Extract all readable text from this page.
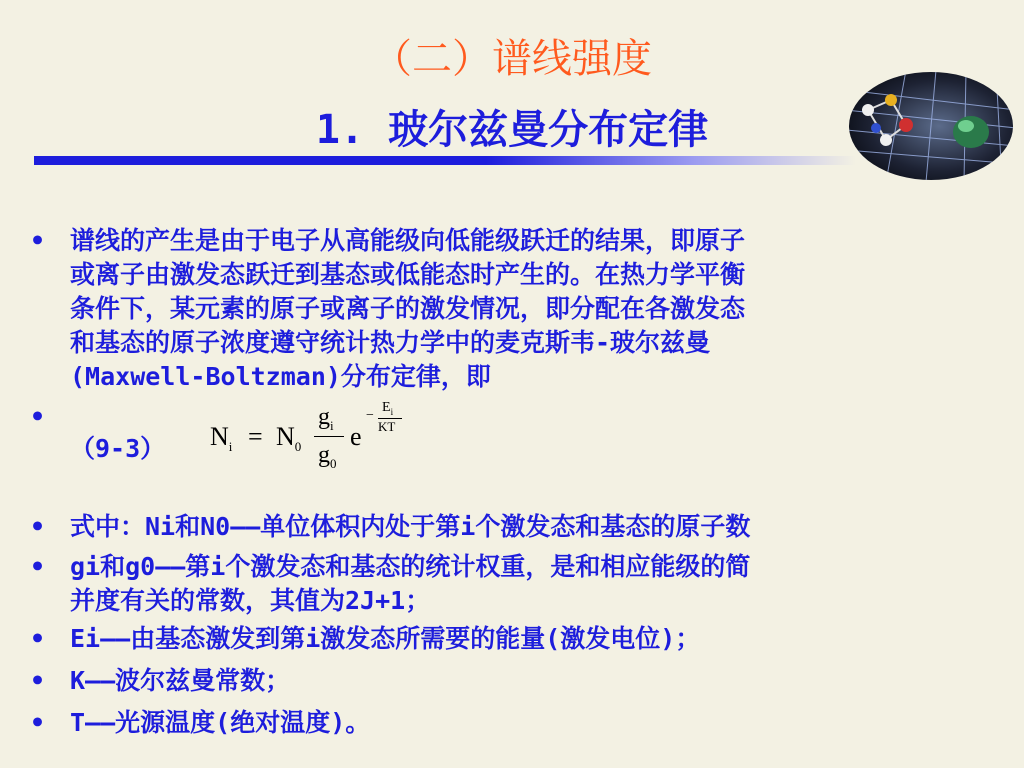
（二）谱线强度
1. 玻尔兹曼分布定律
• 谱线的产生是由于电子从高能级向低能级跃迁的结果，即原子
或离子由激发态跃迁到基态或低能态时产生的。在热力学平衡
条件下，某元素的原子或离子的激发情况，即分配在各激发态
和基态的原子浓度遵守统计热力学中的麦克斯韦-玻尔兹曼
(Maxwell-Boltzman)分布定律，即
•
• 式中：Ni和N0——单位体积内处于第i个激发态和基态的原子数
• gi和g0——第i个激发态和基态的统计权重，是和相应能级的简
并度有关的常数，其值为2J+1；
• Ei——由基态激发到第i激发态所需要的能量(激发电位)；
• K——波尔兹曼常数；
• T——光源温度(绝对温度)。
（9-3） $N_i = N_0$
$g_i$
$g_0$
e
−
$E_i$
KT
